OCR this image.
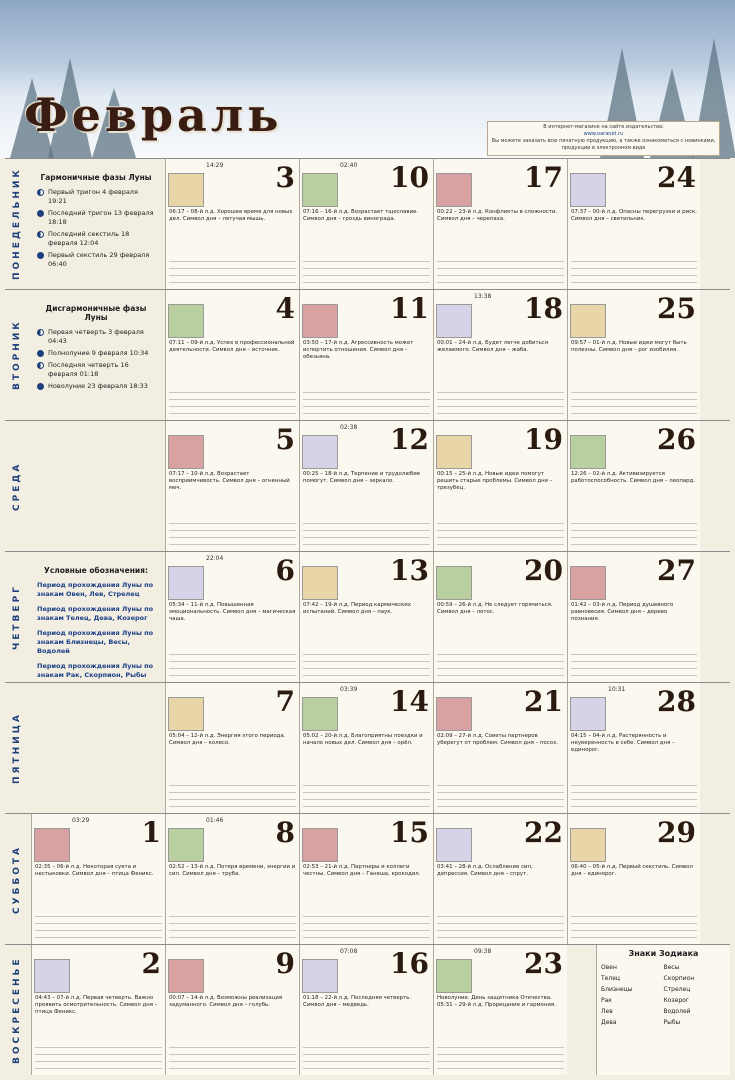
Февраль	В интернет-магазине на сайте издательства:
www.oaranet.ru
Вы можете заказать всю печатную продукцию, а также ознакомиться с новинками, продукции в электронном виде
ПОНЕДЕЛЬНИК	Гармоничные фазы Луны
Первый тригон 4 февраля 19:21
Последний тригон 13 февраля 18:18
Последний секстиль 18 февраля 12:04
Первый секстиль 29 февраля 06:40
14:29 3
06:17 – 08-й л.д. Хорошее время для новых дел. Символ дня – летучая мышь.
02:40 10
07:16 – 16-й л.д. Возрастает тщеславие. Символ дня – гроздь винограда.
17
00:22 – 23-й л.д. Конфликты в сложности. Символ дня – черепаха.
24
07:37 – 00-й л.д. Опасны перегрузки и риск. Символ дня – светильник.
ВТОРНИК
Дисгармоничные фазы Луны
Первая четверть 3 февраля 04:43
Полнолуние 9 февраля 10:34
Последняя четверть 16 февраля 01:18
Новолуние 23 февраля 18:33
4
07:11 – 09-й л.д. Успех в профессиональной деятельности. Символ дня – источник.
11
03:50 – 17-й л.д. Агрессивность может испортить отношения. Символ дня – обезьяна.
13:38 18
00:01 – 24-й л.д. Будет легче добиться желаемого. Символ дня – жаба.
25
09:57 – 01-й л.д. Новые идеи могут быть полезны. Символ дня – рог изобилия.
СРЕДА
5
07:17 – 10-й л.д. Возрастает восприимчивость. Символ дня – огненный меч.
02:38 12
00:25 – 18-й л.д. Терпение и трудолюбие помогут. Символ дня – зеркало.
19
00:15 – 25-й л.д. Новые идеи помогут решить старые проблемы. Символ дня – трезубец.
26
12:26 – 02-й л.д. Активизируется работоспособность. Символ дня – леопард.
ЧЕТВЕРГ
Условные обозначения:
Период прохождения Луны по знакам Овен, Лев, Стрелец
Период прохождения Луны по знакам Телец, Дева, Козерог
Период прохождения Луны по знакам Близнецы, Весы, Водолей
Период прохождения Луны по знакам Рак, Скорпион, Рыбы
22:04 6
05:34 – 11-й л.д. Повышенная эмоциональность. Символ дня – магическая чаша.
13
07:42 – 19-й л.д. Период кармических испытаний. Символ дня – паук.
20
00:59 – 26-й л.д. Не следует горячиться. Символ дня – лотос.
27
01:42 – 03-й л.д. Период душевного равновесия. Символ дня – дерево познания.
ПЯТНИЦА
7
05:04 – 12-й л.д. Энергия этого периода. Символ дня – колесо.
03:39 14
05:02 – 20-й л.д. Благоприятны поездки и начало новых дел. Символ дня – орёл.
21
02:09 – 27-й л.д. Советы партнеров уберегут от проблем. Символ дня – посох.
10:31 28
04:15 – 04-й л.д. Растерянность и неуверенность в себе. Символ дня – единорог.
СУББОТА
03:29 1
02:35 – 06-й л.д. Некоторая суета и нестыковки. Символ дня – птица Феникс.
01:46 8
02:52 – 13-й л.д. Потеря времени, энергии и сил. Символ дня – труба.
15
02:53 – 21-й л.д. Партнеры и коллеги честны. Символ дня – Ганеша, крокодил.
22
03:41 – 28-й л.д. Ослабление сил, депрессия. Символ дня – спрут.
29
06:40 – 05-й л.д. Первый секстиль. Символ дня – единорог.
ВОСКРЕСЕНЬЕ	2
04:43 – 07-й л.д. Первая четверть. Важно проявить осмотрительность. Символ дня – птица Феникс.
9
00:07 – 14-й л.д. Возможны реализация задуманного. Символ дня – голубь.
07:08 16
01:18 – 22-й л.д. Последняя четверть. Символ дня – медведь.
09:38 23
Новолуние. День защитника Отечества. 05:31 – 29-й л.д. Прорицание и гармония.
Знаки Зодиака
Овен	Весы
Телец	Скорпион
Близнецы	Стрелец
Рак	Козерог
Лев	Водолей
Дева	Рыбы
